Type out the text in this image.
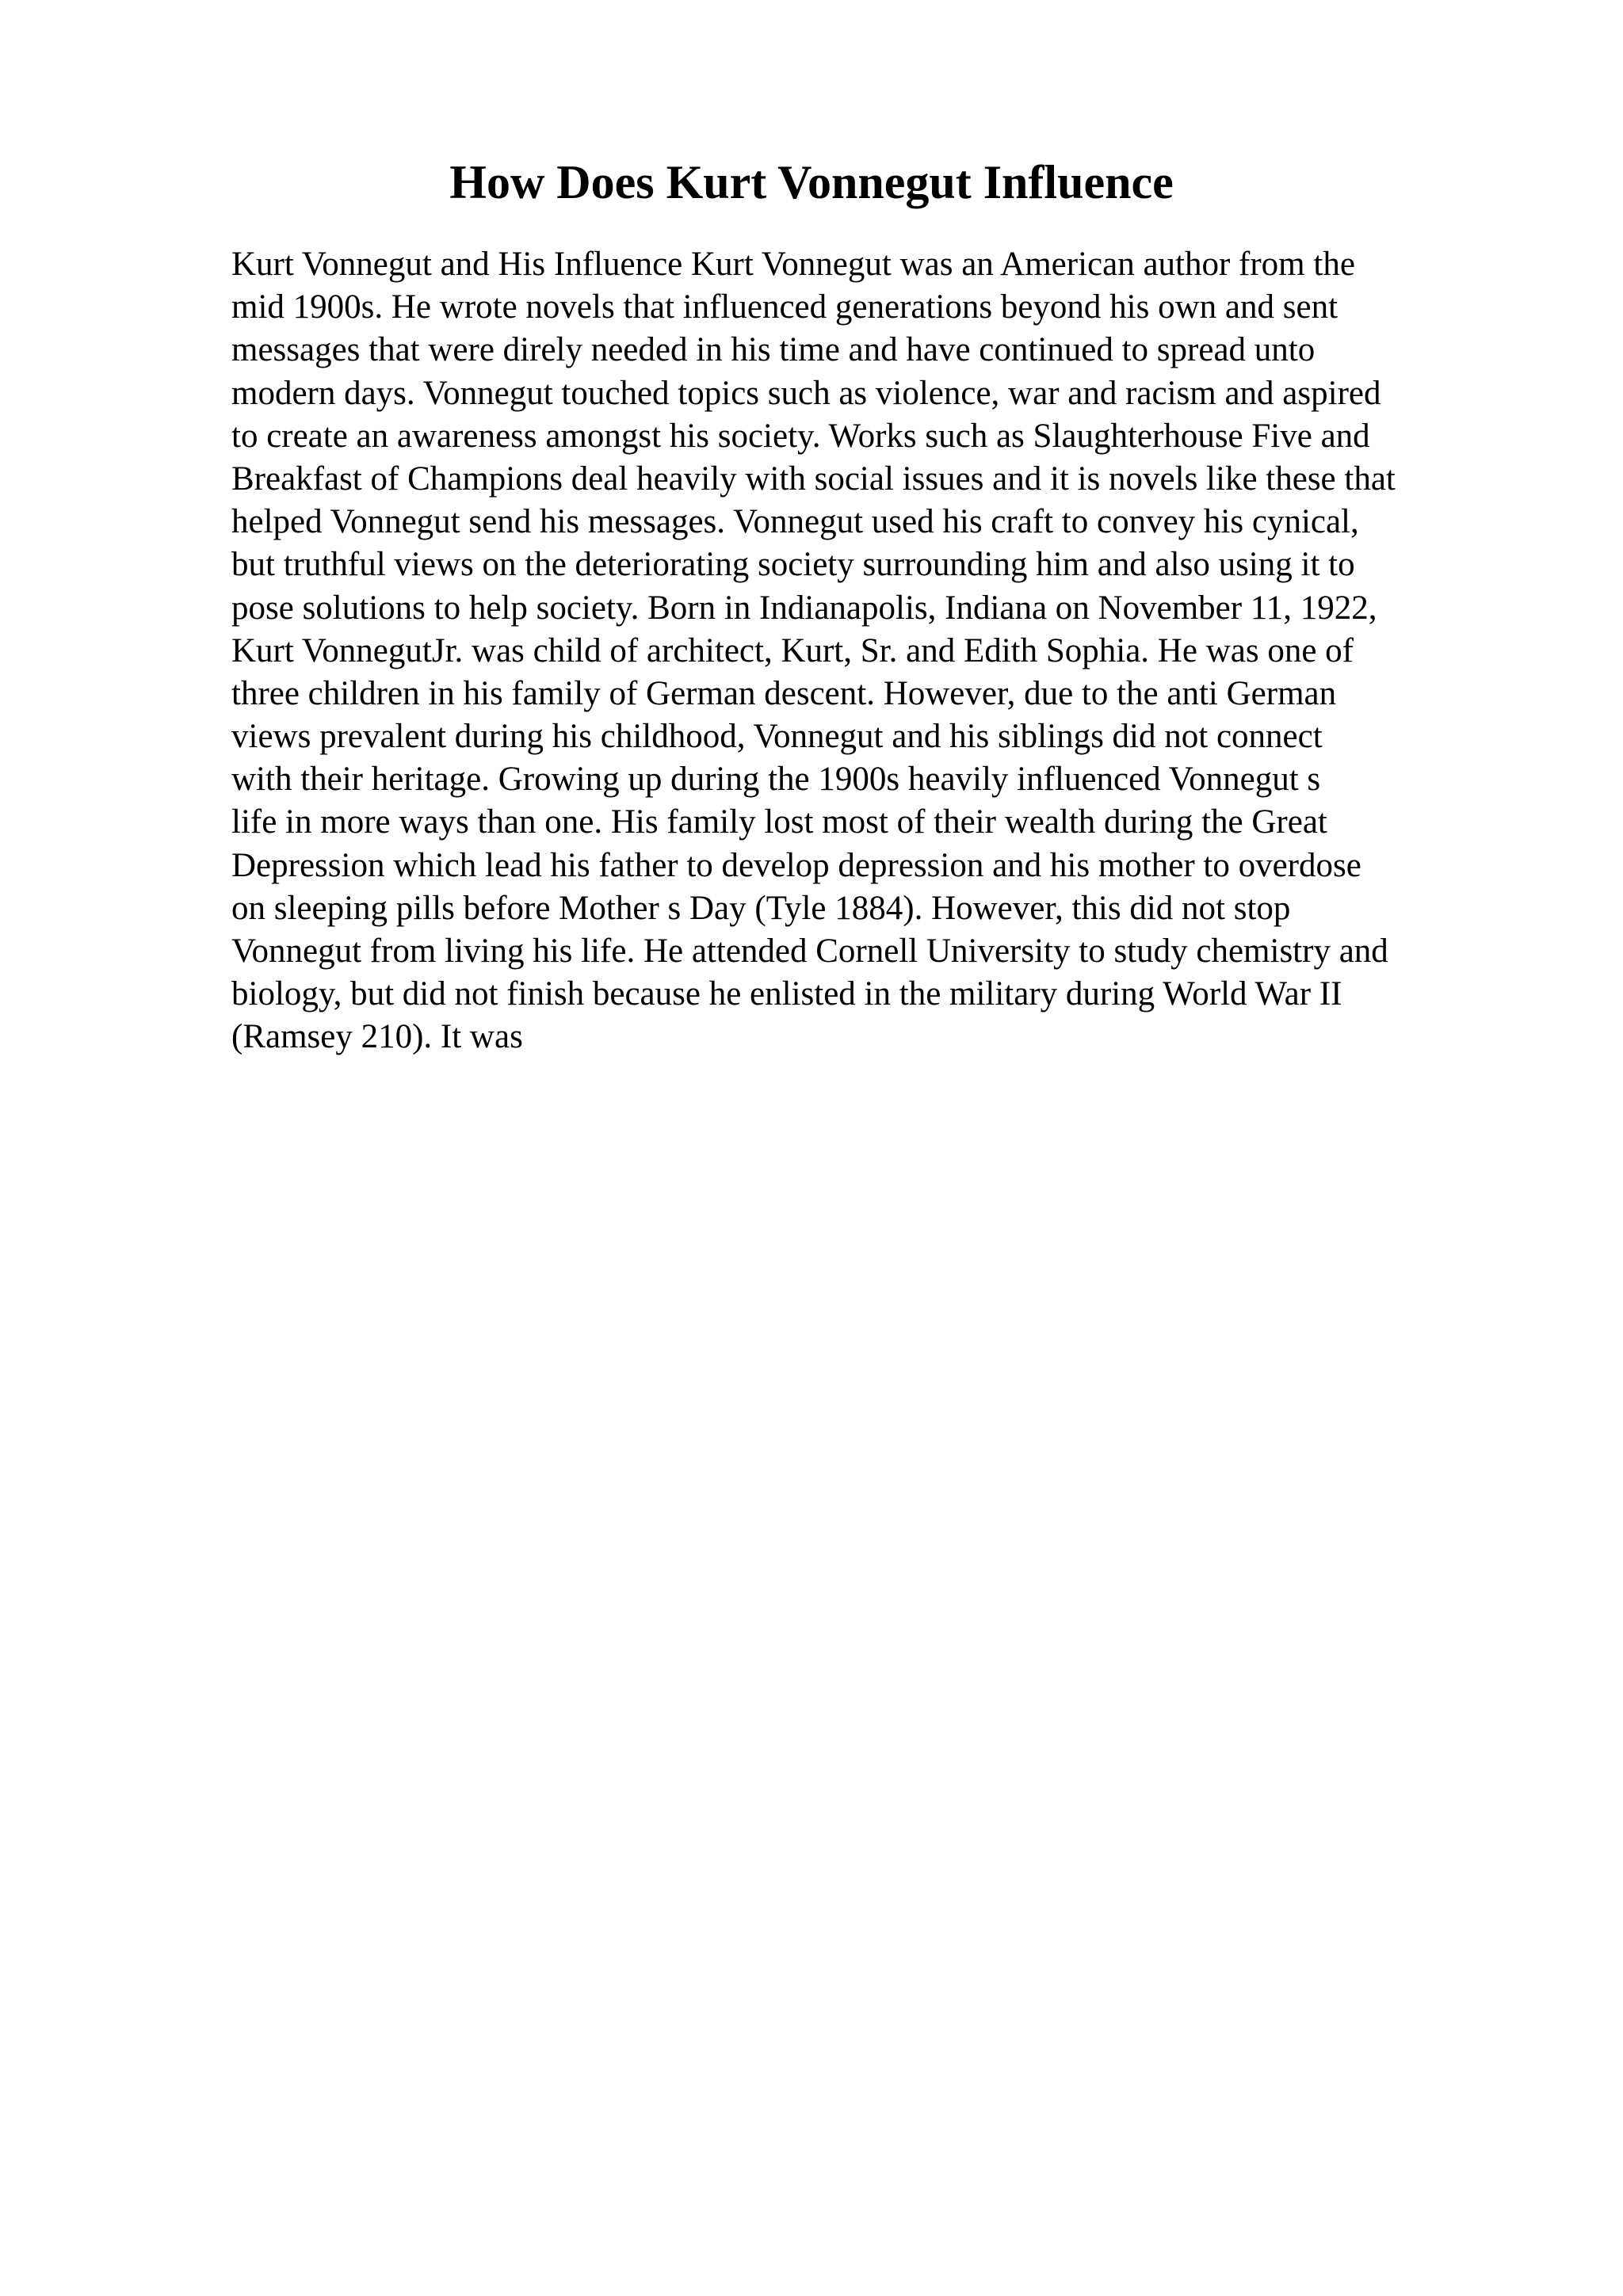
How Does Kurt Vonnegut Influence
Kurt Vonnegut and His Influence Kurt Vonnegut was an American author from the
mid 1900s. He wrote novels that influenced generations beyond his own and sent
messages that were direly needed in his time and have continued to spread unto
modern days. Vonnegut touched topics such as violence, war and racism and aspired
to create an awareness amongst his society. Works such as Slaughterhouse Five and
Breakfast of Champions deal heavily with social issues and it is novels like these that
helped Vonnegut send his messages. Vonnegut used his craft to convey his cynical,
but truthful views on the deteriorating society surrounding him and also using it to
pose solutions to help society. Born in Indianapolis, Indiana on November 11, 1922,
Kurt VonnegutJr. was child of architect, Kurt, Sr. and Edith Sophia. He was one of
three children in his family of German descent. However, due to the anti German
views prevalent during his childhood, Vonnegut and his siblings did not connect
with their heritage. Growing up during the 1900s heavily influenced Vonnegut s
life in more ways than one. His family lost most of their wealth during the Great
Depression which lead his father to develop depression and his mother to overdose
on sleeping pills before Mother s Day (Tyle 1884). However, this did not stop
Vonnegut from living his life. He attended Cornell University to study chemistry and
biology, but did not finish because he enlisted in the military during World War II
(Ramsey 210). It was
